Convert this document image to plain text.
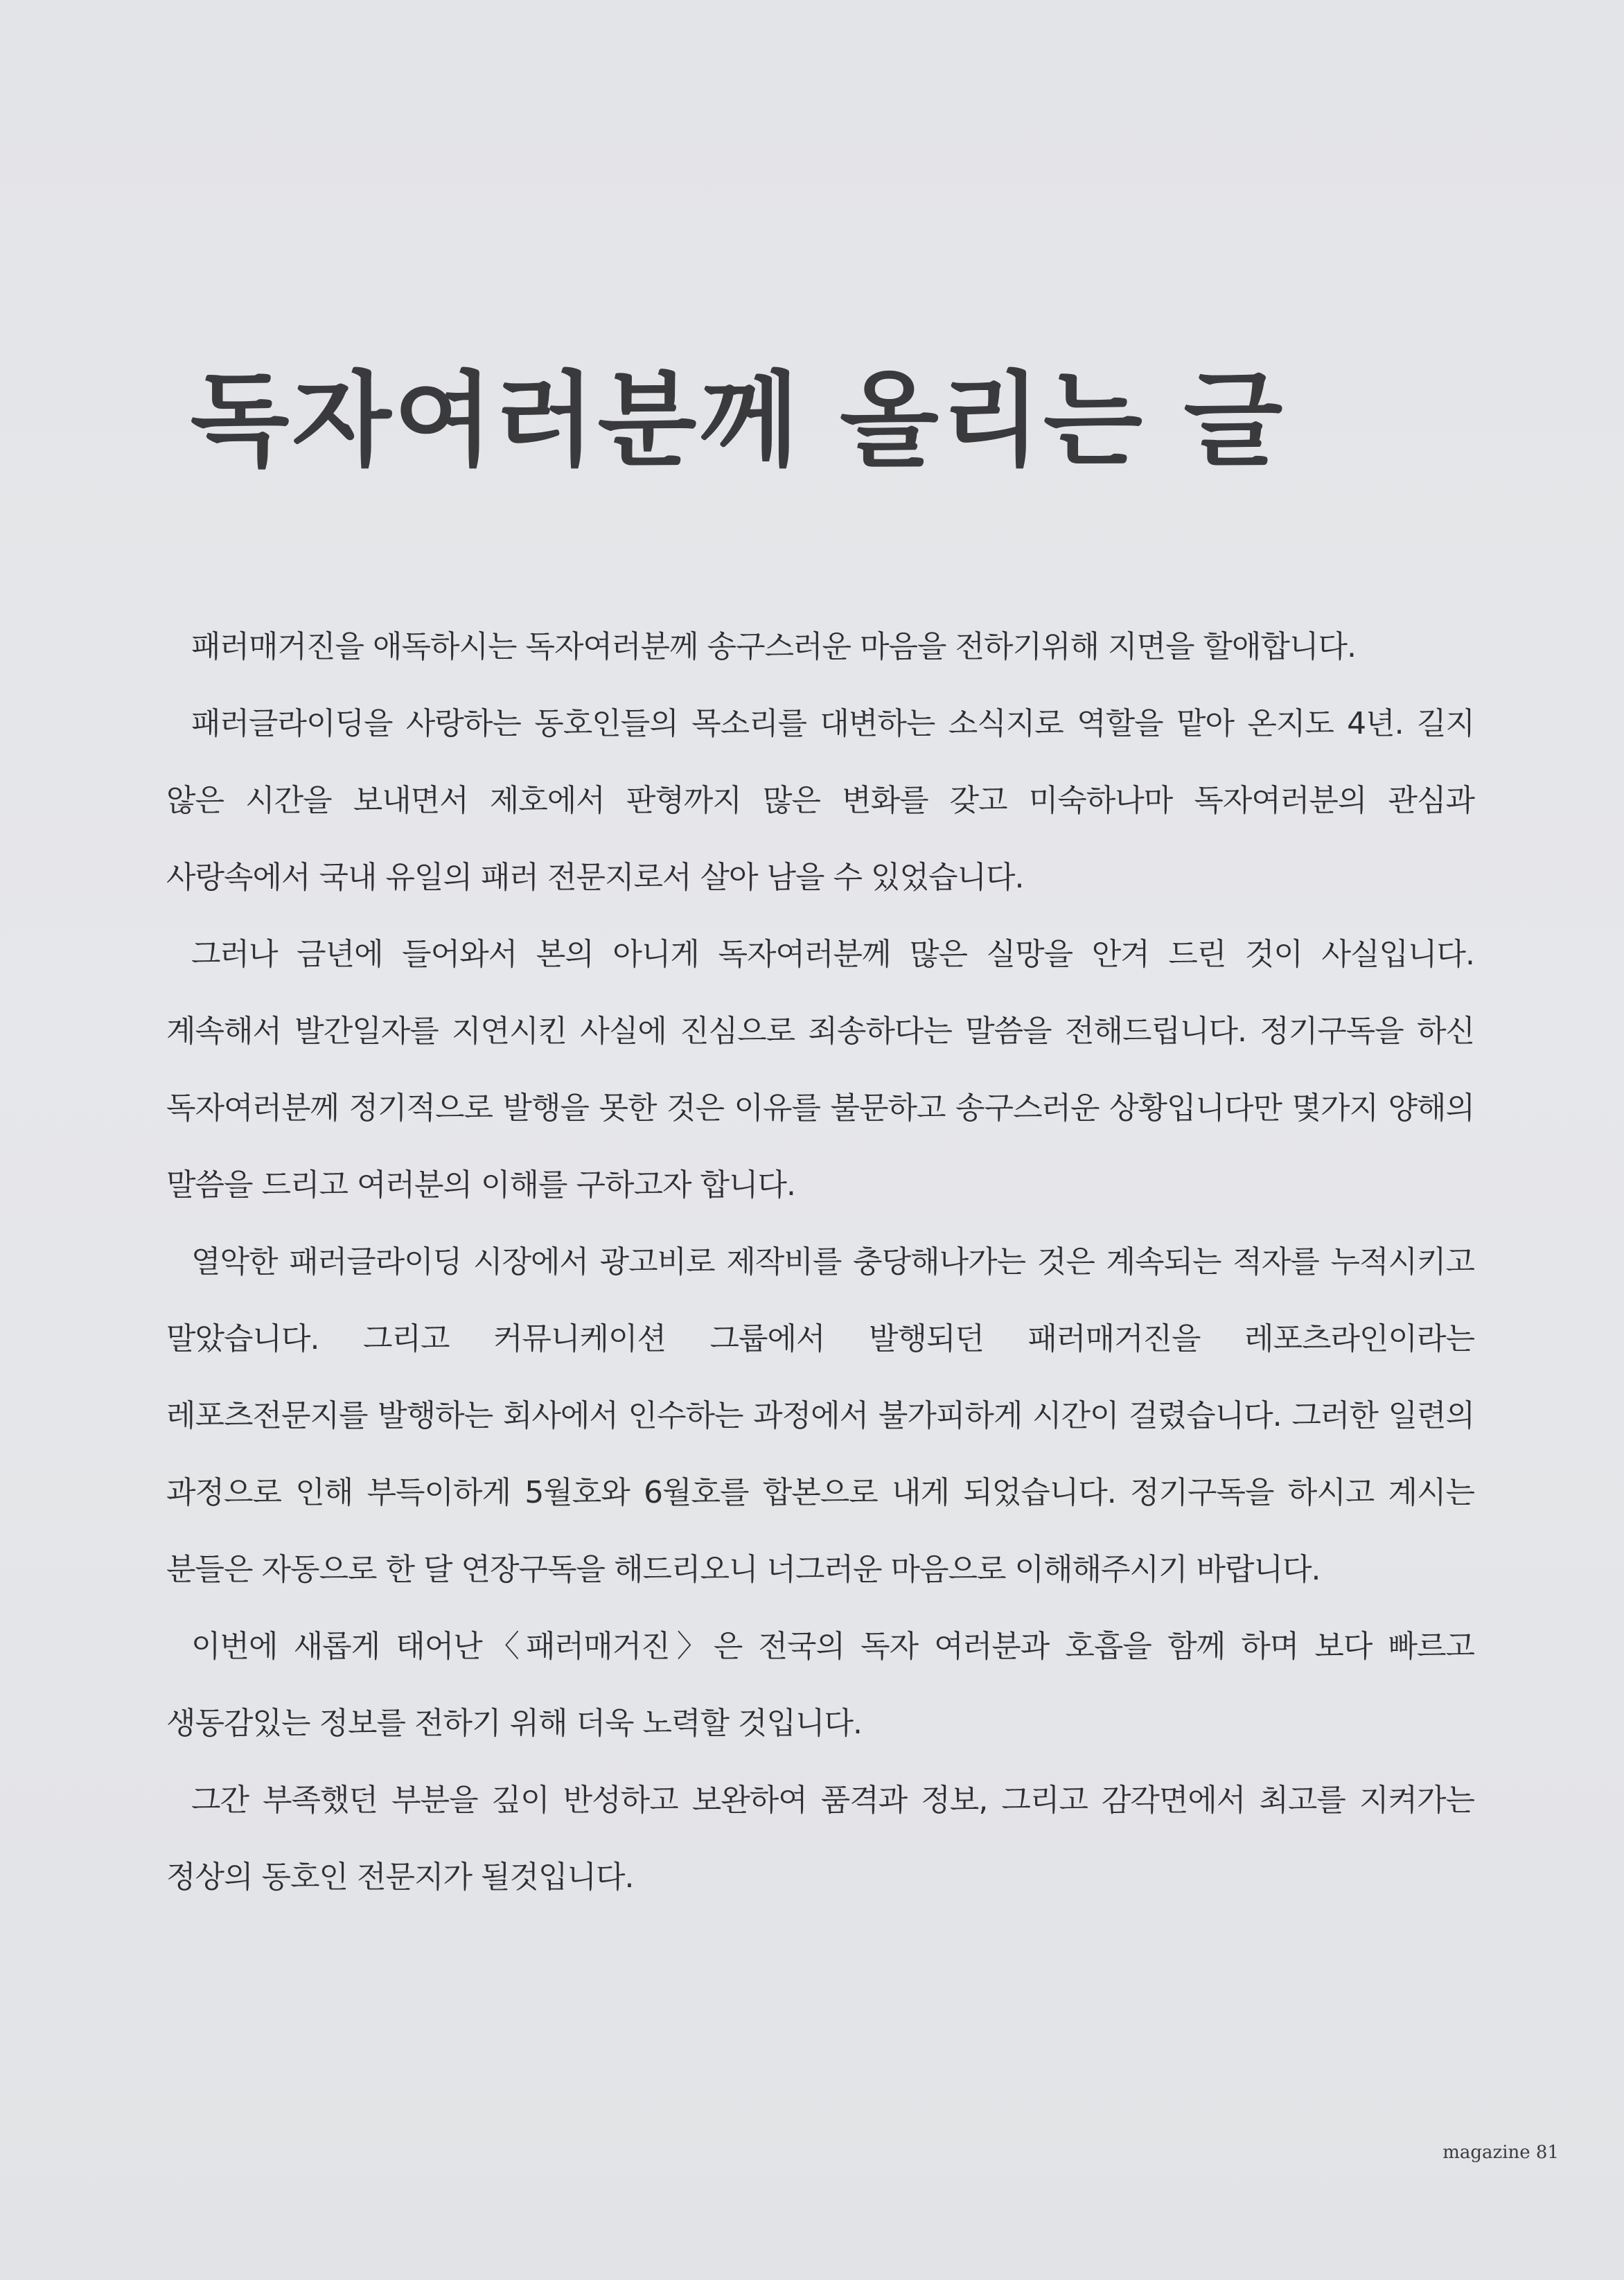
독자여러분께 올리는 글

패러매거진을 애독하시는 독자여러분께 송구스러운 마음을 전하기위해 지면을 할애합니다.

패러글라이딩을 사랑하는 동호인들의 목소리를 대변하는 소식지로 역할을 맡아 온지도 4년. 길지 않은 시간을 보내면서 제호에서 판형까지 많은 변화를 갖고 미숙하나마 독자여러분의 관심과 사랑속에서 국내 유일의 패러 전문지로서 살아 남을 수 있었습니다.

그러나 금년에 들어와서 본의 아니게 독자여러분께 많은 실망을 안겨 드린 것이 사실입니다. 계속해서 발간일자를 지연시킨 사실에 진심으로 죄송하다는 말씀을 전해드립니다. 정기구독을 하신 독자여러분께 정기적으로 발행을 못한 것은 이유를 불문하고 송구스러운 상황입니다만 몇가지 양해의 말씀을 드리고 여러분의 이해를 구하고자 합니다.

열악한 패러글라이딩 시장에서 광고비로 제작비를 충당해나가는 것은 계속되는 적자를 누적시키고 말았습니다. 그리고 커뮤니케이션 그룹에서 발행되던 패러매거진을 레포츠라인이라는 레포츠전문지를 발행하는 회사에서 인수하는 과정에서 불가피하게 시간이 걸렸습니다. 그러한 일련의 과정으로 인해 부득이하게 5월호와 6월호를 합본으로 내게 되었습니다. 정기구독을 하시고 계시는 분들은 자동으로 한 달 연장구독을 해드리오니 너그러운 마음으로 이해해주시기 바랍니다.

이번에 새롭게 태어난〈패러매거진〉은 전국의 독자 여러분과 호흡을 함께 하며 보다 빠르고 생동감있는 정보를 전하기 위해 더욱 노력할 것입니다.

그간 부족했던 부분을 깊이 반성하고 보완하여 품격과 정보, 그리고 감각면에서 최고를 지켜가는 정상의 동호인 전문지가 될것입니다.

magazine 81
